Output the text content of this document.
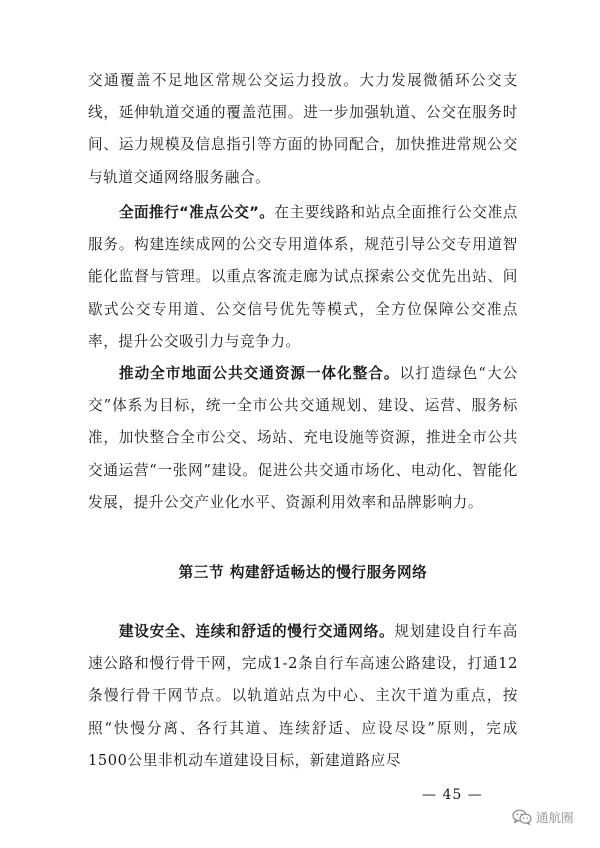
交通覆盖不足地区常规公交运力投放。大力发展微循环公交支线，延伸轨道交通的覆盖范围。进一步加强轨道、公交在服务时间、运力规模及信息指引等方面的协同配合，加快推进常规公交与轨道交通网络服务融合。

全面推行“准点公交”。在主要线路和站点全面推行公交准点服务。构建连续成网的公交专用道体系，规范引导公交专用道智能化监督与管理。以重点客流走廊为试点探索公交优先出站、间歇式公交专用道、公交信号优先等模式，全方位保障公交准点率，提升公交吸引力与竞争力。

推动全市地面公共交通资源一体化整合。以打造绿色“大公交”体系为目标，统一全市公共交通规划、建设、运营、服务标准，加快整合全市公交、场站、充电设施等资源，推进全市公共交通运营“一张网”建设。促进公共交通市场化、电动化、智能化发展，提升公交产业化水平、资源利用效率和品牌影响力。

第三节 构建舒适畅达的慢行服务网络

建设安全、连续和舒适的慢行交通网络。规划建设自行车高速公路和慢行骨干网，完成1-2条自行车高速公路建设，打通12条慢行骨干网节点。以轨道站点为中心、主次干道为重点，按照“快慢分离、各行其道、连续舒适、应设尽设”原则，完成1500公里非机动车道建设目标，新建道路应尽

— 45 —
通航圈
